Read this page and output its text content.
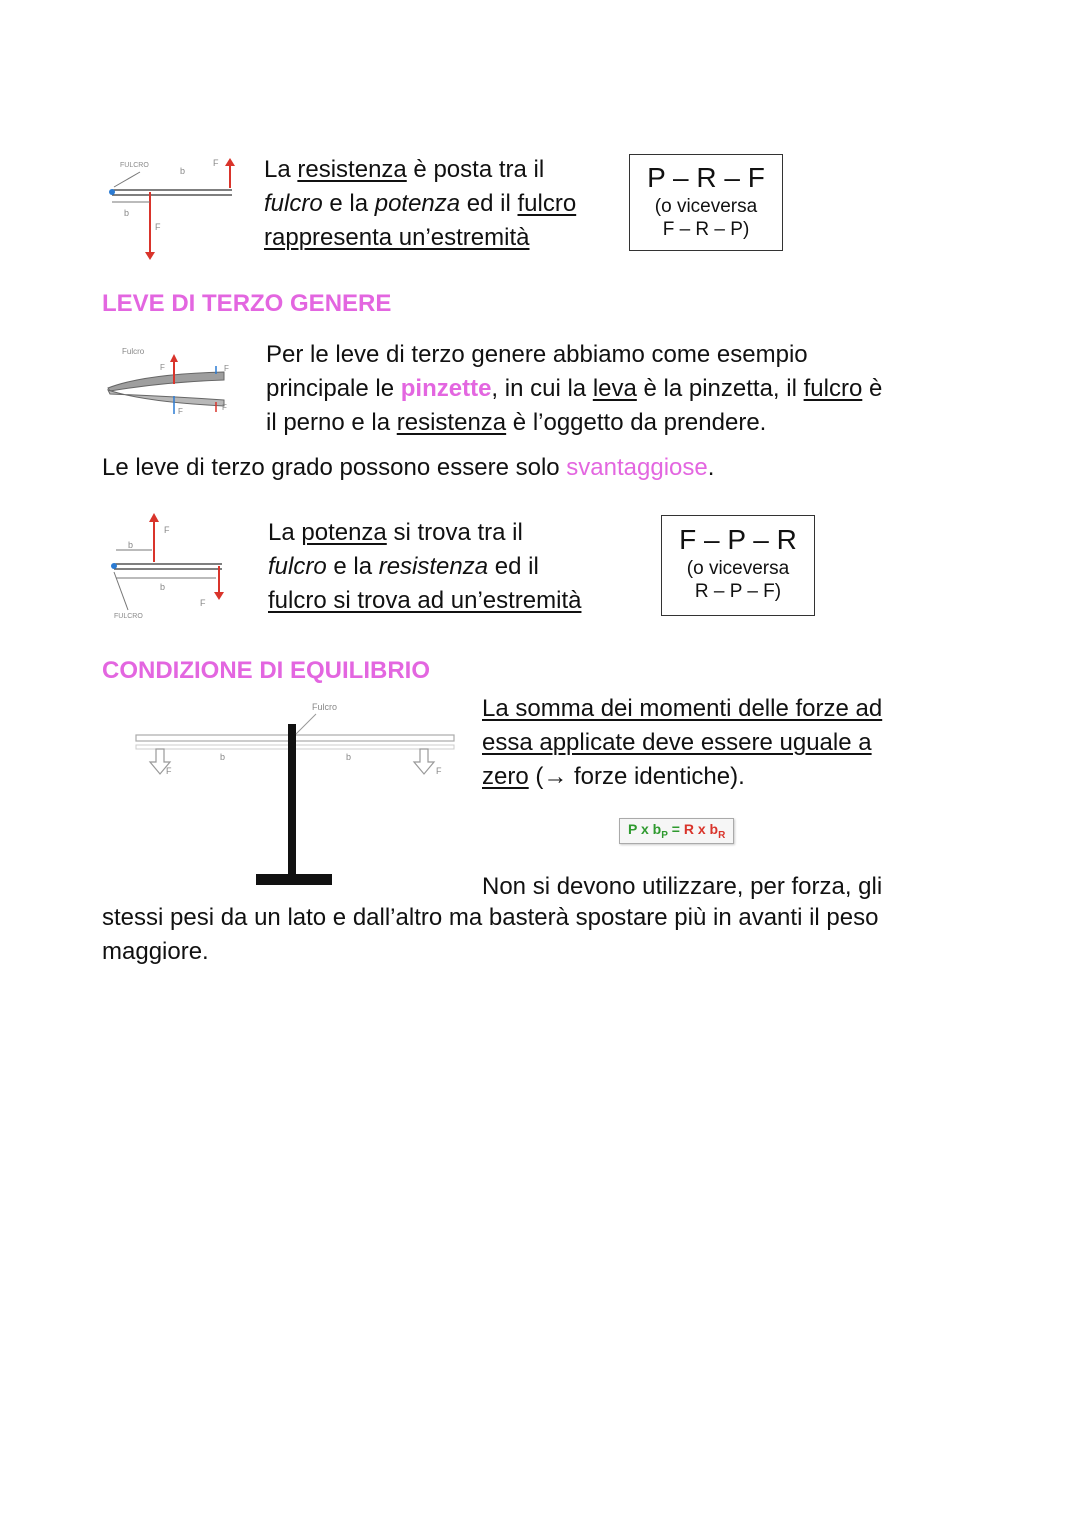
FULCRO
b
b
F
F
La resistenza è posta tra il
fulcro e la potenza ed il fulcro
rappresenta un’estremità
P – R – F
(o viceversa
F – R – P)
LEVE DI TERZO GENERE
Fulcro
F
F
F
F
Per le leve di terzo genere abbiamo come esempio
principale le pinzette, in cui la leva è la pinzetta, il fulcro è
il perno e la resistenza è l’oggetto da prendere.
Le leve di terzo grado possono essere solo svantaggiose.
b
F
b
F
FULCRO
La potenza si trova tra il
fulcro e la resistenza ed il
fulcro si trova ad un’estremità
F – P – R
(o viceversa
R – P – F)
CONDIZIONE DI EQUILIBRIO
Fulcro
b	b
F	F
La somma dei momenti delle forze ad
essa applicate deve essere uguale a
zero (→ forze identiche).
P x $b_P = R$ x $b_R$
Non si devono utilizzare, per forza, gli
stessi pesi da un lato e dall’altro ma basterà spostare più in avanti il peso
maggiore.
